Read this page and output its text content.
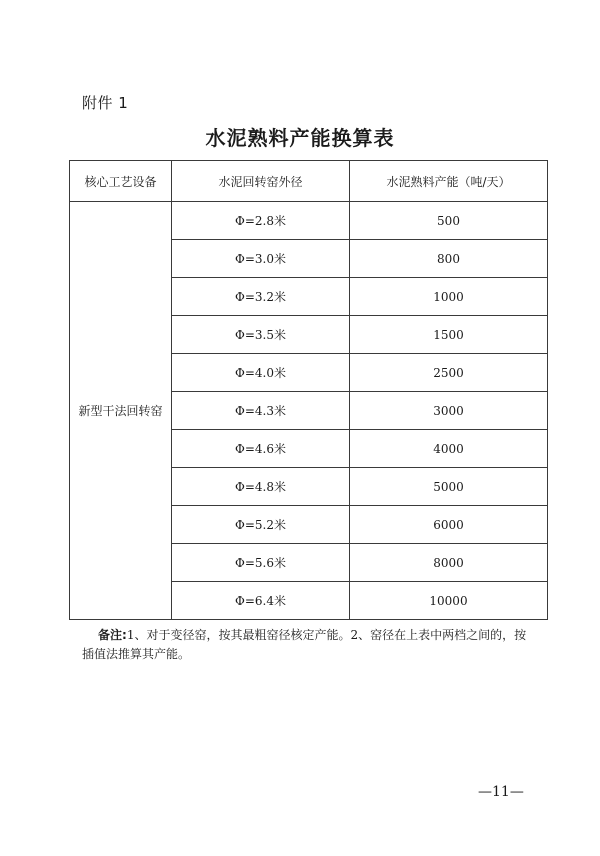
附件 1
水泥熟料产能换算表
核心工艺设备	水泥回转窑外径	水泥熟料产能（吨/天）
新型干法回转窑	Φ=2.8米	500
	Φ=3.0米	800
	Φ=3.2米	1000
	Φ=3.5米	1500
	Φ=4.0米	2500
	Φ=4.3米	3000
	Φ=4.6米	4000
	Φ=4.8米	5000
	Φ=5.2米	6000
	Φ=5.6米	8000
	Φ=6.4米	10000
备注:1、对于变径窑，按其最粗窑径核定产能。2、窑径在上表中两档之间的，按插值法推算其产能。
—11—
